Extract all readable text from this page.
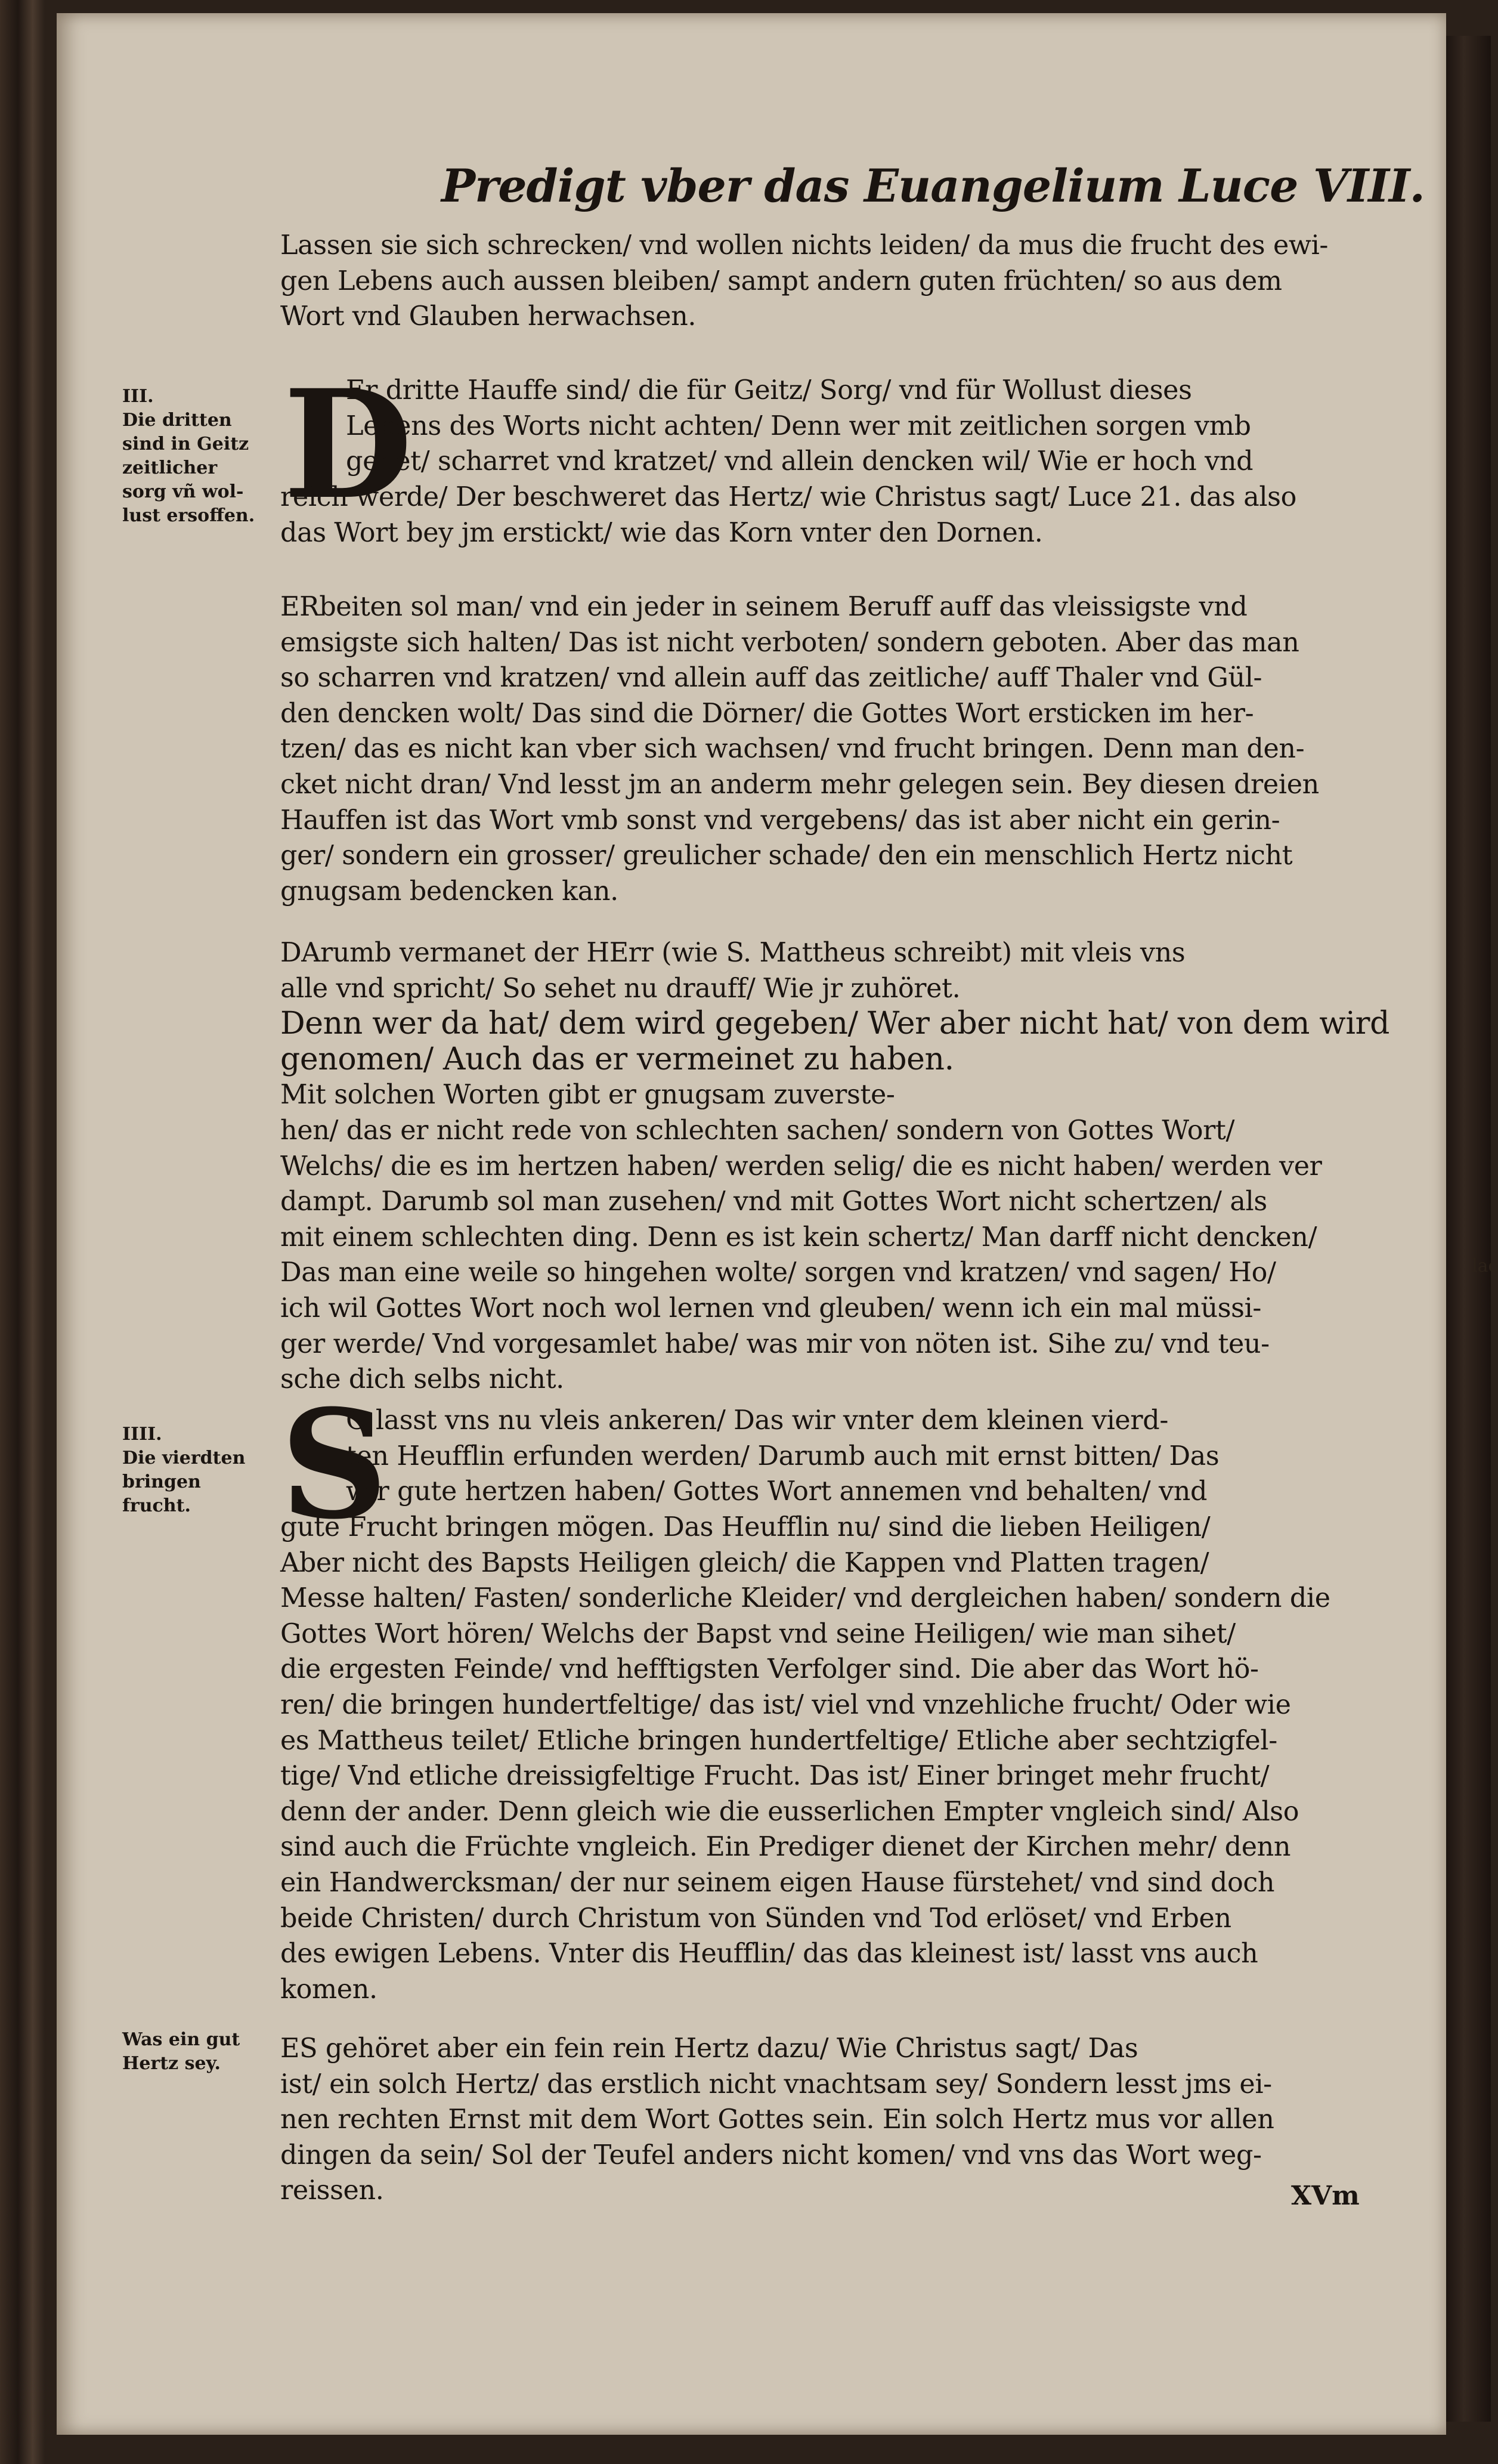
Predigt vber das Euangelium Luce VIII.

Lassen sie sich schrecken/ vnd wollen nichts leiden/ da mus die frucht des ewi-

gen Lebens auch aussen bleiben/ sampt andern guten früchten/ so aus dem

Wort vnd Glauben herwachsen.

III.
Die dritten
sind in Geitz
zeitlicher
sorg vñ wol-
lust ersoffen. D

Er dritte Hauffe sind/ die für Geitz/ Sorg/ vnd für Wollust dieses

Lebens des Worts nicht achten/ Denn wer mit zeitlichen sorgen vmb

gehet/ scharret vnd kratzet/ vnd allein dencken wil/ Wie er hoch vnd

reich werde/ Der beschweret das Hertz/ wie Christus sagt/ Luce 21. das also

das Wort bey jm erstickt/ wie das Korn vnter den Dornen.

ERbeiten sol man/ vnd ein jeder in seinem Beruff auff das vleissigste vnd

emsigste sich halten/ Das ist nicht verboten/ sondern geboten. Aber das man

so scharren vnd kratzen/ vnd allein auff das zeitliche/ auff Thaler vnd Gül-

den dencken wolt/ Das sind die Dörner/ die Gottes Wort ersticken im her-

tzen/ das es nicht kan vber sich wachsen/ vnd frucht bringen. Denn man den-

cket nicht dran/ Vnd lesst jm an anderm mehr gelegen sein. Bey diesen dreien

Hauffen ist das Wort vmb sonst vnd vergebens/ das ist aber nicht ein gerin-

ger/ sondern ein grosser/ greulicher schade/ den ein menschlich Hertz nicht

gnugsam bedencken kan.

DArumb vermanet der HErr (wie S. Mattheus schreibt) mit vleis vns

alle vnd spricht/ So sehet nu drauff/ Wie jr zuhöret.

Denn wer da hat/ dem wird gegeben/ Wer aber nicht hat/ von dem wird genomen/ Auch das er vermeinet zu haben.

Mit solchen Worten gibt er gnugsam zuverste-

hen/ das er nicht rede von schlechten sachen/ sondern von Gottes Wort/

Welchs/ die es im hertzen haben/ werden selig/ die es nicht haben/ werden ver

dampt. Darumb sol man zusehen/ vnd mit Gottes Wort nicht schertzen/ als

mit einem schlechten ding. Denn es ist kein schertz/ Man darff nicht dencken/

Das man eine weile so hingehen wolte/ sorgen vnd kratzen/ vnd sagen/ Ho/

ich wil Gottes Wort noch wol lernen vnd gleuben/ wenn ich ein mal müssi-

ger werde/ Vnd vorgesamlet habe/ was mir von nöten ist. Sihe zu/ vnd teu-

sche dich selbs nicht.

IIII.
Die vierdten
bringen
frucht. S

O lasst vns nu vleis ankeren/ Das wir vnter dem kleinen vierd-

ten Heufflin erfunden werden/ Darumb auch mit ernst bitten/ Das

wir gute hertzen haben/ Gottes Wort annemen vnd behalten/ vnd

gute Frucht bringen mögen. Das Heufflin nu/ sind die lieben Heiligen/

Aber nicht des Bapsts Heiligen gleich/ die Kappen vnd Platten tragen/

Messe halten/ Fasten/ sonderliche Kleider/ vnd dergleichen haben/ sondern die

Gottes Wort hören/ Welchs der Bapst vnd seine Heiligen/ wie man sihet/

die ergesten Feinde/ vnd hefftigsten Verfolger sind. Die aber das Wort hö-

ren/ die bringen hundertfeltige/ das ist/ viel vnd vnzehliche frucht/ Oder wie

es Mattheus teilet/ Etliche bringen hundertfeltige/ Etliche aber sechtzigfel-

tige/ Vnd etliche dreissigfeltige Frucht. Das ist/ Einer bringet mehr frucht/

denn der ander. Denn gleich wie die eusserlichen Empter vngleich sind/ Also

sind auch die Früchte vngleich. Ein Prediger dienet der Kirchen mehr/ denn

ein Handwercksman/ der nur seinem eigen Hause fürstehet/ vnd sind doch

beide Christen/ durch Christum von Sünden vnd Tod erlöset/ vnd Erben

des ewigen Lebens. Vnter dis Heufflin/ das das kleinest ist/ lasst vns auch

komen.

Was ein gut
Hertz sey.	ES gehöret aber ein fein rein Hertz dazu/ Wie Christus sagt/ Das

ist/ ein solch Hertz/ das erstlich nicht vnachtsam sey/ Sondern lesst jms ei-

nen rechten Ernst mit dem Wort Gottes sein. Ein solch Hertz mus vor allen

dingen da sein/ Sol der Teufel anders nicht komen/ vnd vns das Wort weg-

reissen.	XVm
lac
